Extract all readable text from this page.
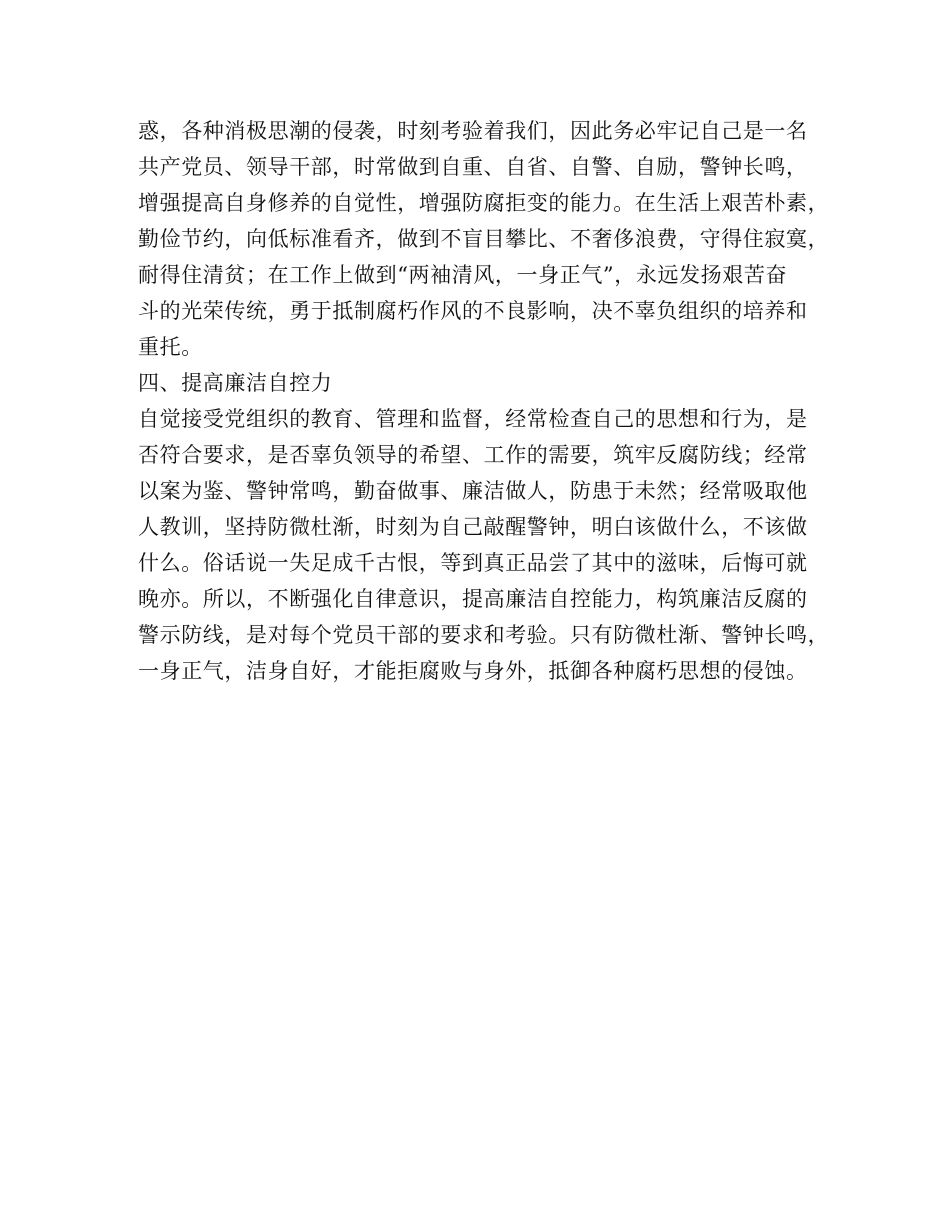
惑，各种消极思潮的侵袭，时刻考验着我们，因此务必牢记自己是一名
共产党员、领导干部，时常做到自重、自省、自警、自励，警钟长鸣，
增强提高自身修养的自觉性，增强防腐拒变的能力。在生活上艰苦朴素，
勤俭节约，向低标准看齐，做到不盲目攀比、不奢侈浪费，守得住寂寞，
耐得住清贫；在工作上做到“两袖清风，一身正气”，永远发扬艰苦奋
斗的光荣传统，勇于抵制腐朽作风的不良影响，决不辜负组织的培养和
重托。
四、提高廉洁自控力
自觉接受党组织的教育、管理和监督，经常检查自己的思想和行为，是
否符合要求，是否辜负领导的希望、工作的需要，筑牢反腐防线；经常
以案为鉴、警钟常鸣，勤奋做事、廉洁做人，防患于未然；经常吸取他
人教训，坚持防微杜渐，时刻为自己敲醒警钟，明白该做什么，不该做
什么。俗话说一失足成千古恨，等到真正品尝了其中的滋味，后悔可就
晚亦。所以，不断强化自律意识，提高廉洁自控能力，构筑廉洁反腐的
警示防线，是对每个党员干部的要求和考验。只有防微杜渐、警钟长鸣，
一身正气，洁身自好，才能拒腐败与身外，抵御各种腐朽思想的侵蚀。
